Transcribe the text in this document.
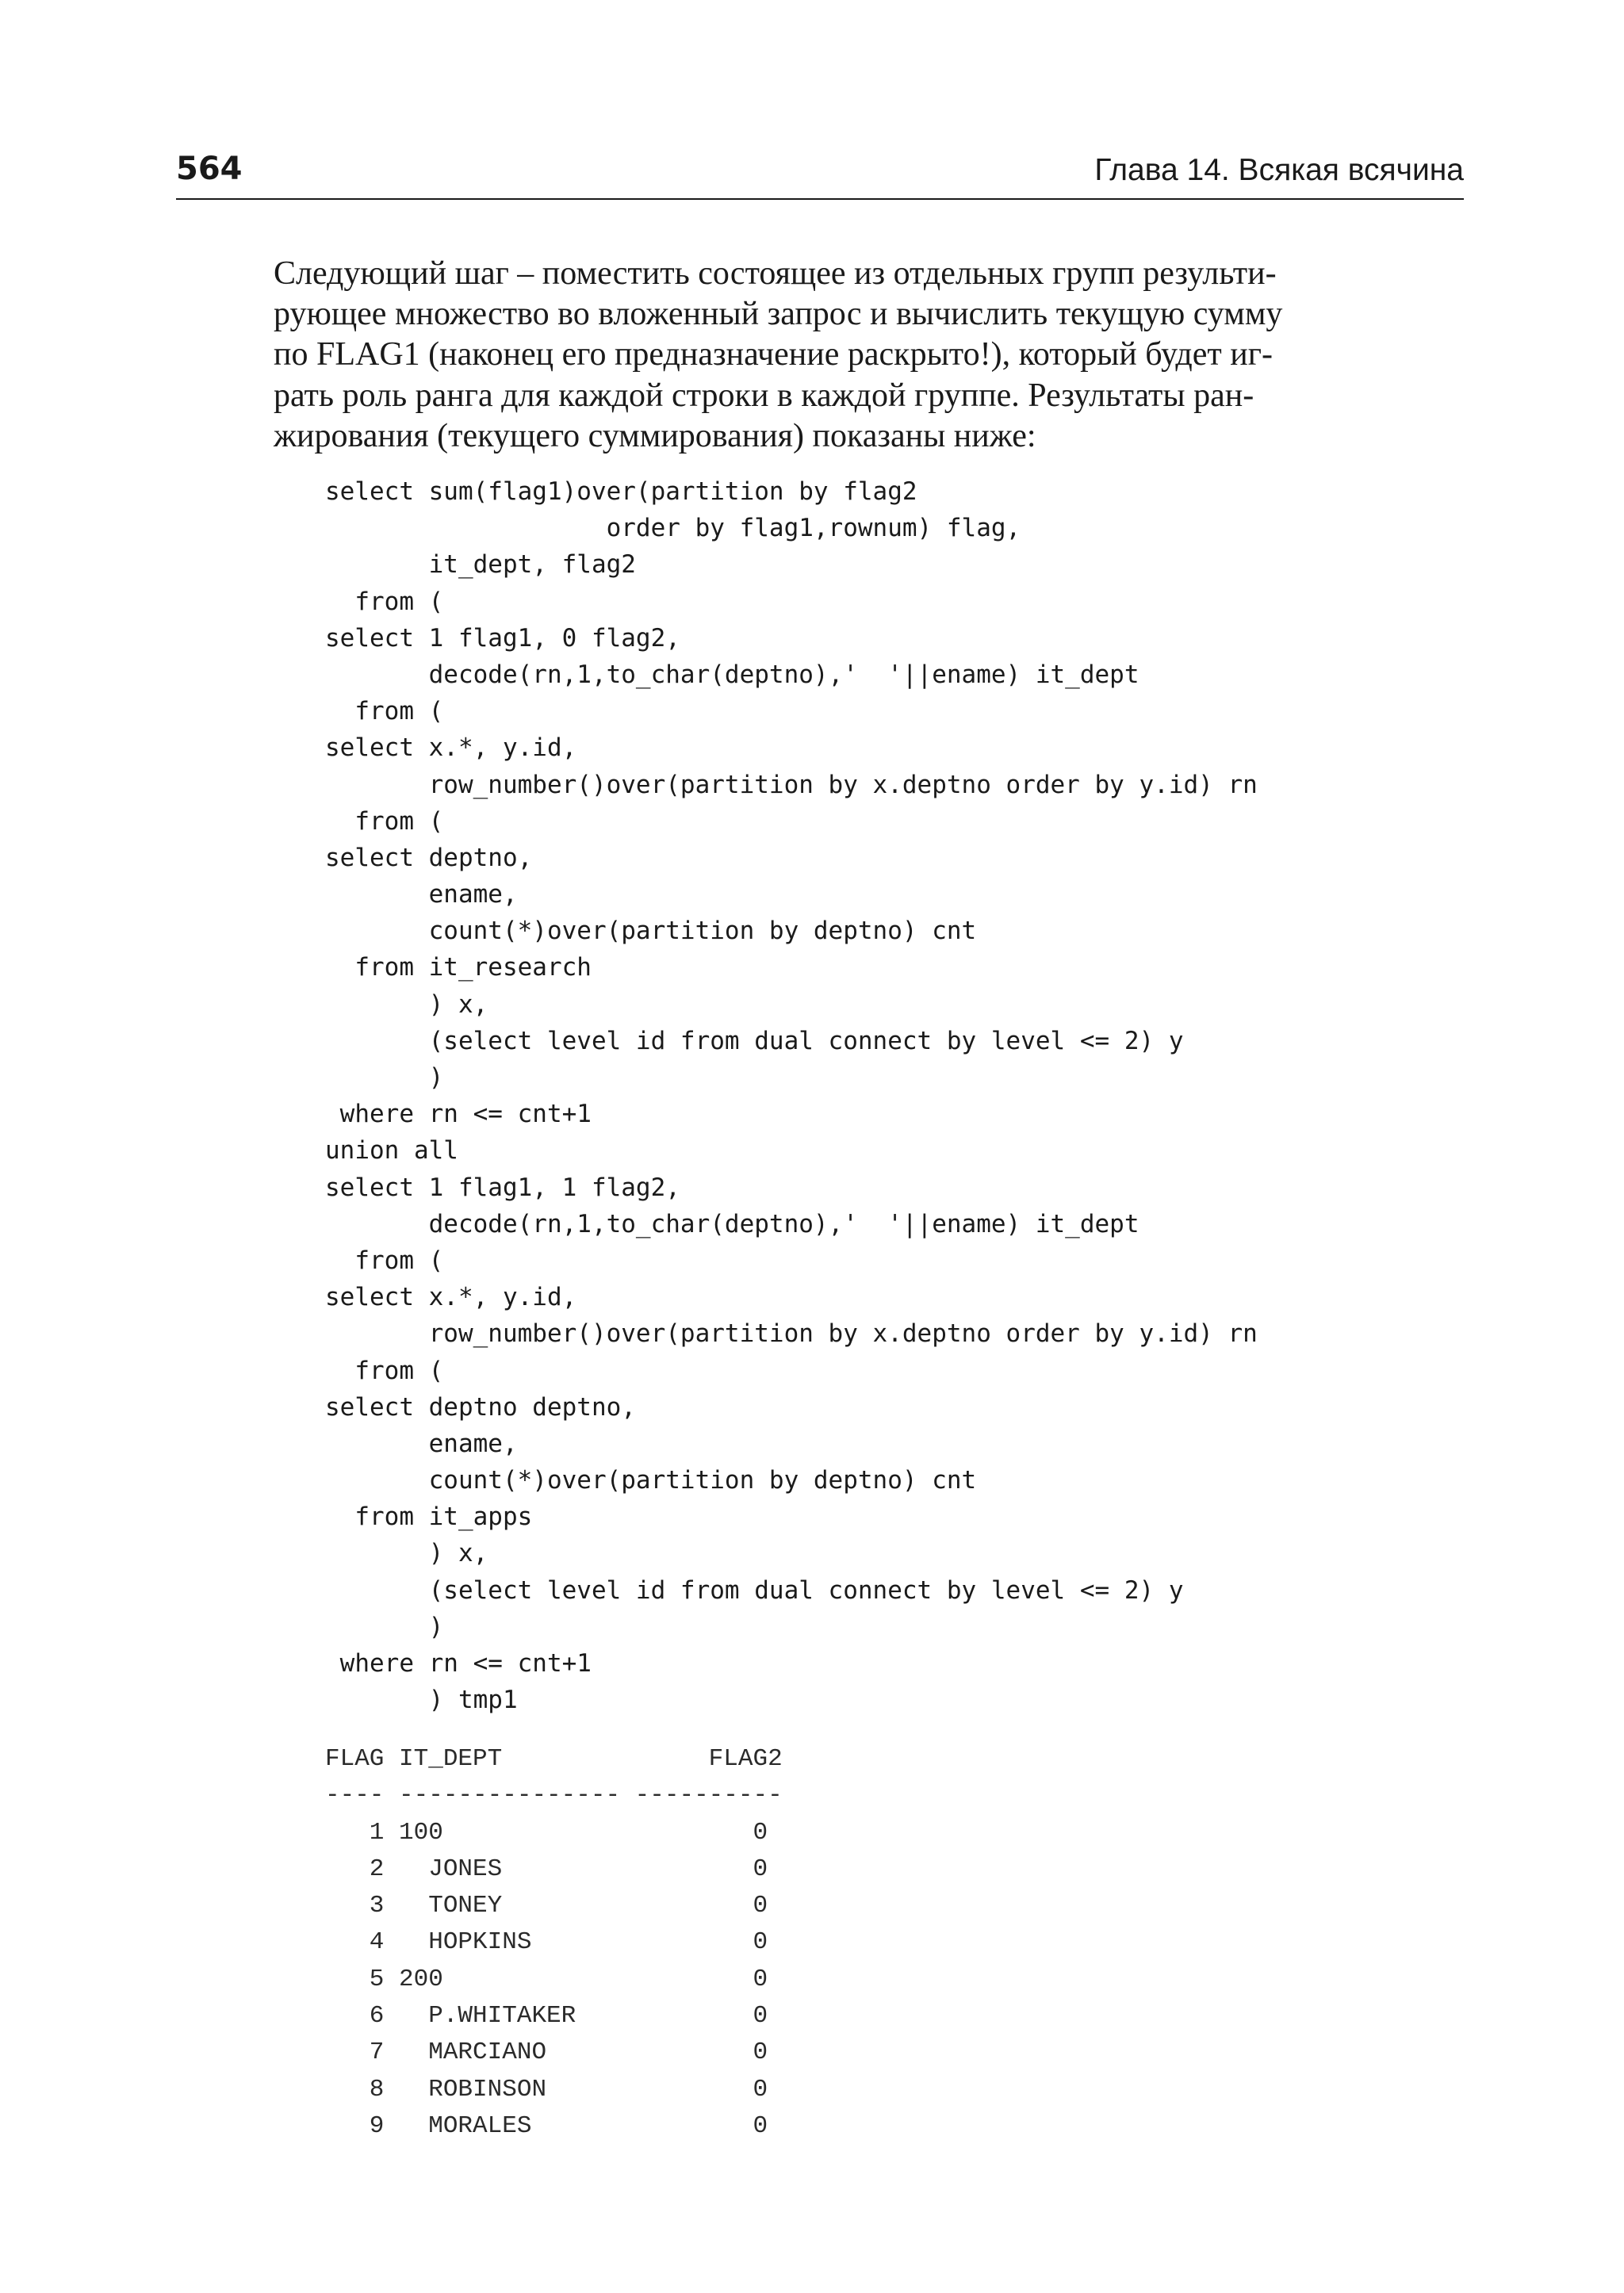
564	Глава 14. Всякая всячина

Следующий шаг – поместить состоящее из отдельных групп результи-
рующее множество во вложенный запрос и вычислить текущую сумму
по FLAG1 (наконец его предназначение раскрыто!), который будет иг-
рать роль ранга для каждой строки в каждой группе. Результаты ран-
жирования (текущего суммирования) показаны ниже:

select sum(flag1)over(partition by flag2
order by flag1,rownum) flag,
it_dept, flag2
from (
select 1 flag1, 0 flag2,
decode(rn,1,to_char(deptno),'  '||ename) it_dept
from (
select x.*, y.id,
row_number()over(partition by x.deptno order by y.id) rn
from (
select deptno,
ename,
count(*)over(partition by deptno) cnt
from it_research
) x,
(select level id from dual connect by level <= 2) y
)
where rn <= cnt+1
union all
select 1 flag1, 1 flag2,
decode(rn,1,to_char(deptno),'  '||ename) it_dept
from (
select x.*, y.id,
row_number()over(partition by x.deptno order by y.id) rn
from (
select deptno deptno,
ename,
count(*)over(partition by deptno) cnt
from it_apps
) x,
(select level id from dual connect by level <= 2) y
)
where rn <= cnt+1
) tmp1
FLAG IT_DEPT              FLAG2
---- --------------- ----------
1 100                     0
2   JONES                 0
3   TONEY                 0
4   HOPKINS               0
5 200                     0
6   P.WHITAKER            0
7   MARCIANO              0
8   ROBINSON              0
9   MORALES               0
